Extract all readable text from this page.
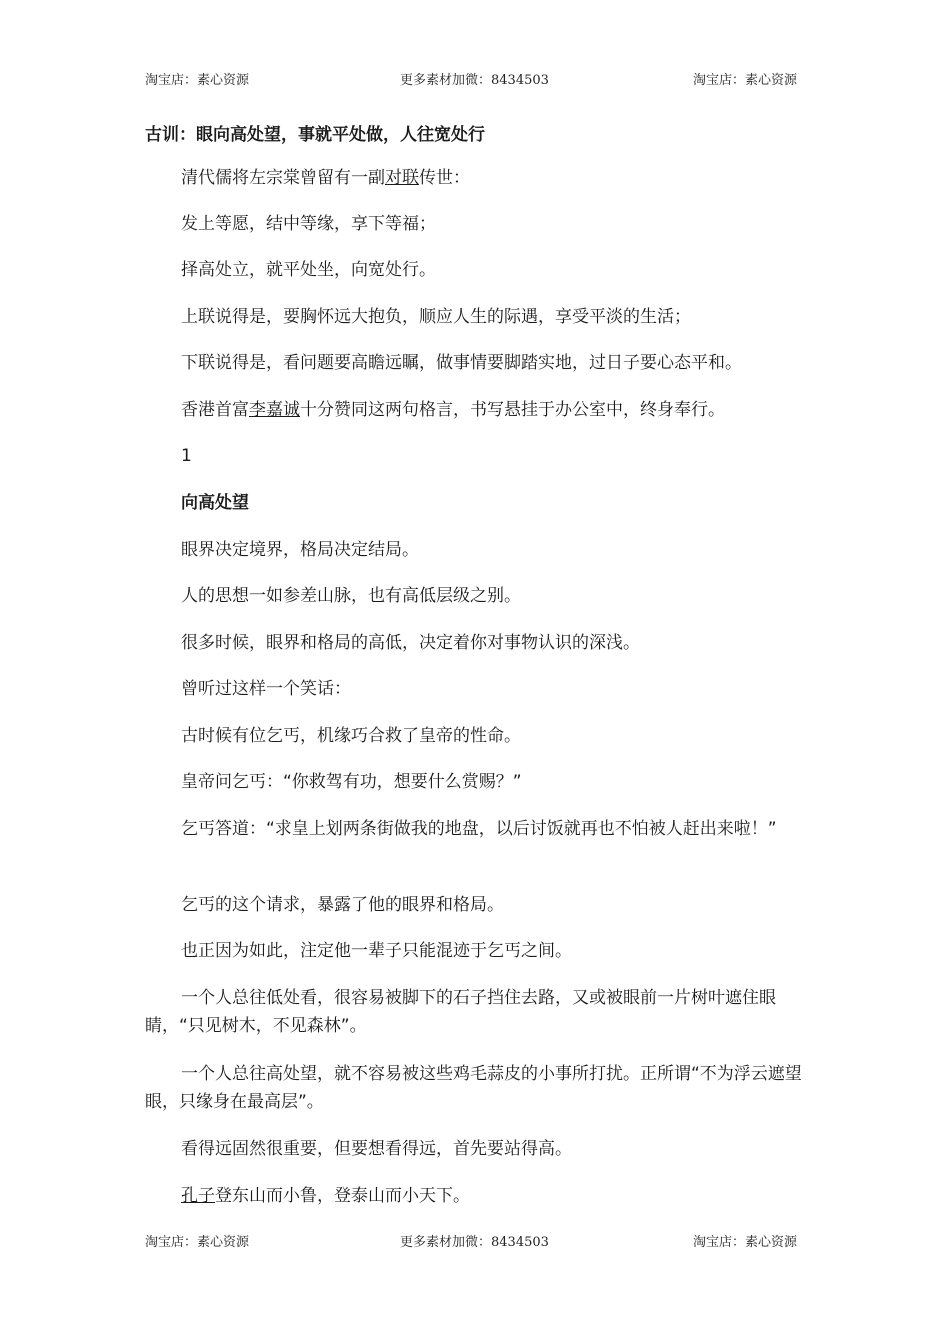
淘宝店：素心资源	更多素材加微：8434503	淘宝店：素心资源
古训：眼向高处望，事就平处做，人往宽处行
清代儒将左宗棠曾留有一副对联传世：
发上等愿，结中等缘，享下等福；
择高处立，就平处坐，向宽处行。
上联说得是，要胸怀远大抱负，顺应人生的际遇，享受平淡的生活；
下联说得是，看问题要高瞻远瞩，做事情要脚踏实地，过日子要心态平和。
香港首富李嘉诚十分赞同这两句格言，书写悬挂于办公室中，终身奉行。
1
向高处望
眼界决定境界，格局决定结局。
人的思想一如参差山脉，也有高低层级之别。
很多时候，眼界和格局的高低，决定着你对事物认识的深浅。
曾听过这样一个笑话：
古时候有位乞丐，机缘巧合救了皇帝的性命。
皇帝问乞丐：“你救驾有功，想要什么赏赐？”
乞丐答道：“求皇上划两条街做我的地盘，以后讨饭就再也不怕被人赶出来啦！”
乞丐的这个请求，暴露了他的眼界和格局。
也正因为如此，注定他一辈子只能混迹于乞丐之间。
一个人总往低处看，很容易被脚下的石子挡住去路，又或被眼前一片树叶遮住眼睛，“只见树木，不见森林”。
一个人总往高处望，就不容易被这些鸡毛蒜皮的小事所打扰。正所谓“不为浮云遮望眼，只缘身在最高层”。
看得远固然很重要，但要想看得远，首先要站得高。
孔子登东山而小鲁，登泰山而小天下。
淘宝店：素心资源	更多素材加微：8434503	淘宝店：素心资源
